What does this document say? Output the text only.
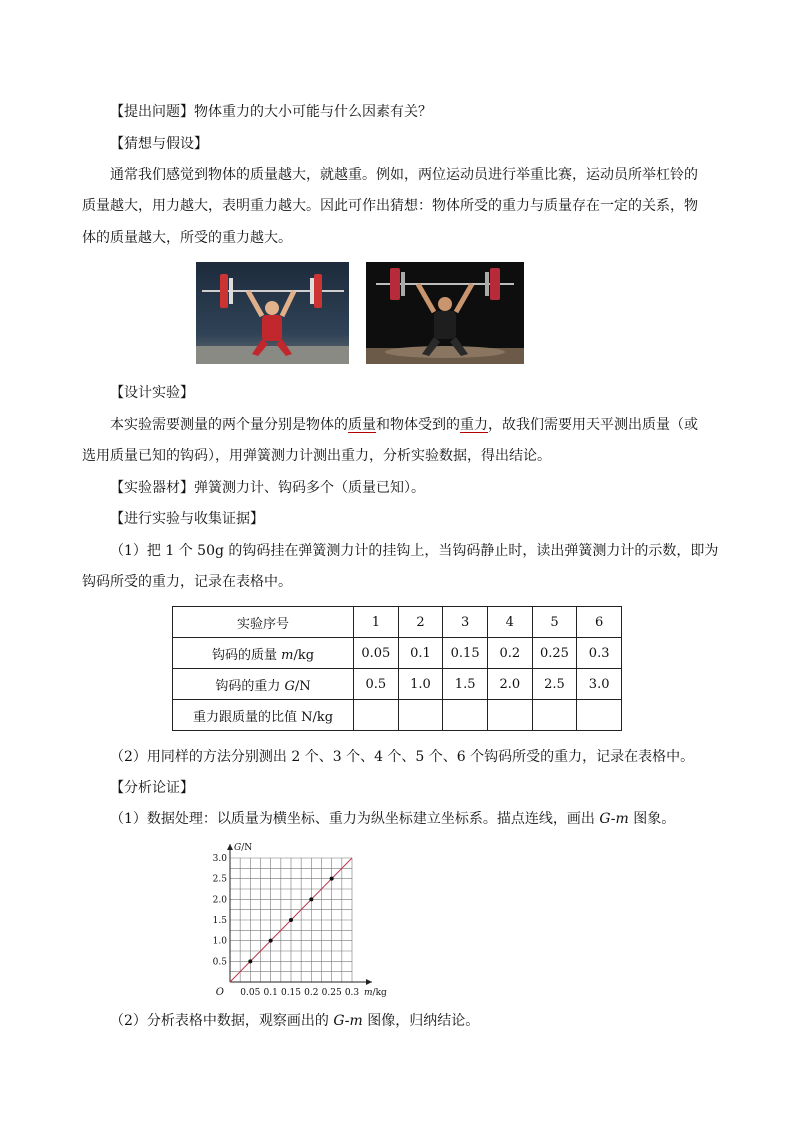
【提出问题】物体重力的大小可能与什么因素有关？
【猜想与假设】
通常我们感觉到物体的质量越大，就越重。例如，两位运动员进行举重比赛，运动员所举杠铃的
质量越大，用力越大，表明重力越大。因此可作出猜想：物体所受的重力与质量存在一定的关系，物
体的质量越大，所受的重力越大。
【设计实验】
本实验需要测量的两个量分别是物体的质量和物体受到的重力，故我们需要用天平测出质量（或
选用质量已知的钩码），用弹簧测力计测出重力，分析实验数据，得出结论。
【实验器材】弹簧测力计、钩码多个（质量已知）。
【进行实验与收集证据】
（1）把 1 个 50g 的钩码挂在弹簧测力计的挂钩上，当钩码静止时，读出弹簧测力计的示数，即为
钩码所受的重力，记录在表格中。
实验序号	1	2	3	4	5	6
钩码的质量 m/kg	0.05	0.1	0.15	0.2	0.25	0.3
钩码的重力 G/N	0.5	1.0	1.5	2.0	2.5	3.0
重力跟质量的比值 N/kg						
（2）用同样的方法分别测出 2 个、3 个、4 个、5 个、6 个钩码所受的重力，记录在表格中。
【分析论证】
（1）数据处理：以质量为横坐标、重力为纵坐标建立坐标系。描点连线，画出 G-m 图象。
0.05 0.1 0.15 0.2 0.25 0.3
0.5
1.0
1.5
2.0
2.5
3.0
O	m/kg
G/N
（2）分析表格中数据，观察画出的 G-m 图像，归纳结论。
